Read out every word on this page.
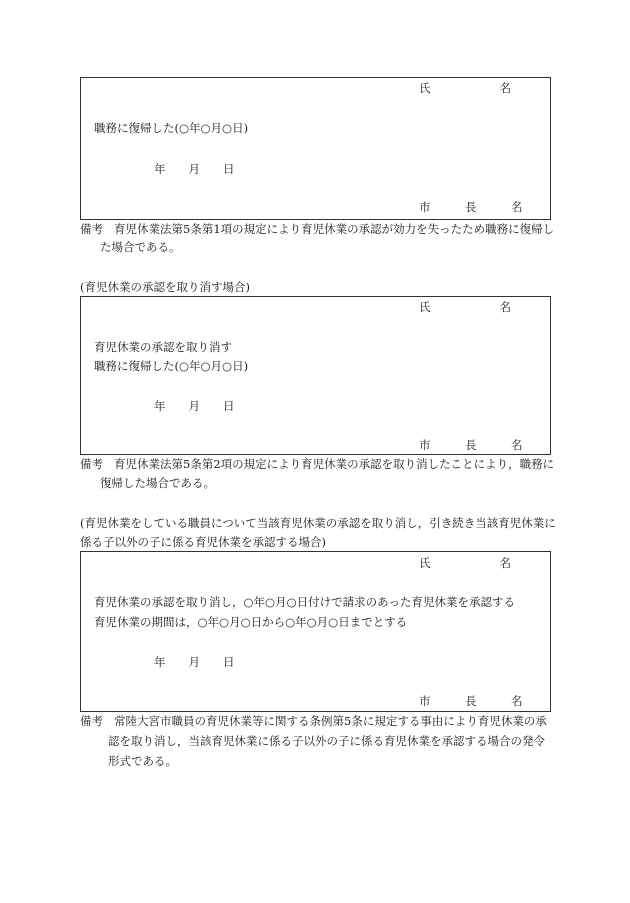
氏　　　　　　名
職務に復帰した(○年○月○日)
年　　月　　日
市　　　長　　　名
備考 育児休業法第5条第1項の規定により育児休業の承認が効力を失ったため職務に復帰し
た場合である。
(育児休業の承認を取り消す場合)
氏　　　　　　名
育児休業の承認を取り消す
職務に復帰した(○年○月○日)
年　　月　　日
市　　　長　　　名
備考 育児休業法第5条第2項の規定により育児休業の承認を取り消したことにより，職務に
復帰した場合である。
(育児休業をしている職員について当該育児休業の承認を取り消し，引き続き当該育児休業に
係る子以外の子に係る育児休業を承認する場合)
氏　　　　　　名
育児休業の承認を取り消し，○年○月○日付けで請求のあった育児休業を承認する
育児休業の期間は，○年○月○日から○年○月○日までとする
年　　月　　日
市　　　長　　　名
備考 常陸大宮市職員の育児休業等に関する条例第5条に規定する事由により育児休業の承
認を取り消し，当該育児休業に係る子以外の子に係る育児休業を承認する場合の発令
形式である。
